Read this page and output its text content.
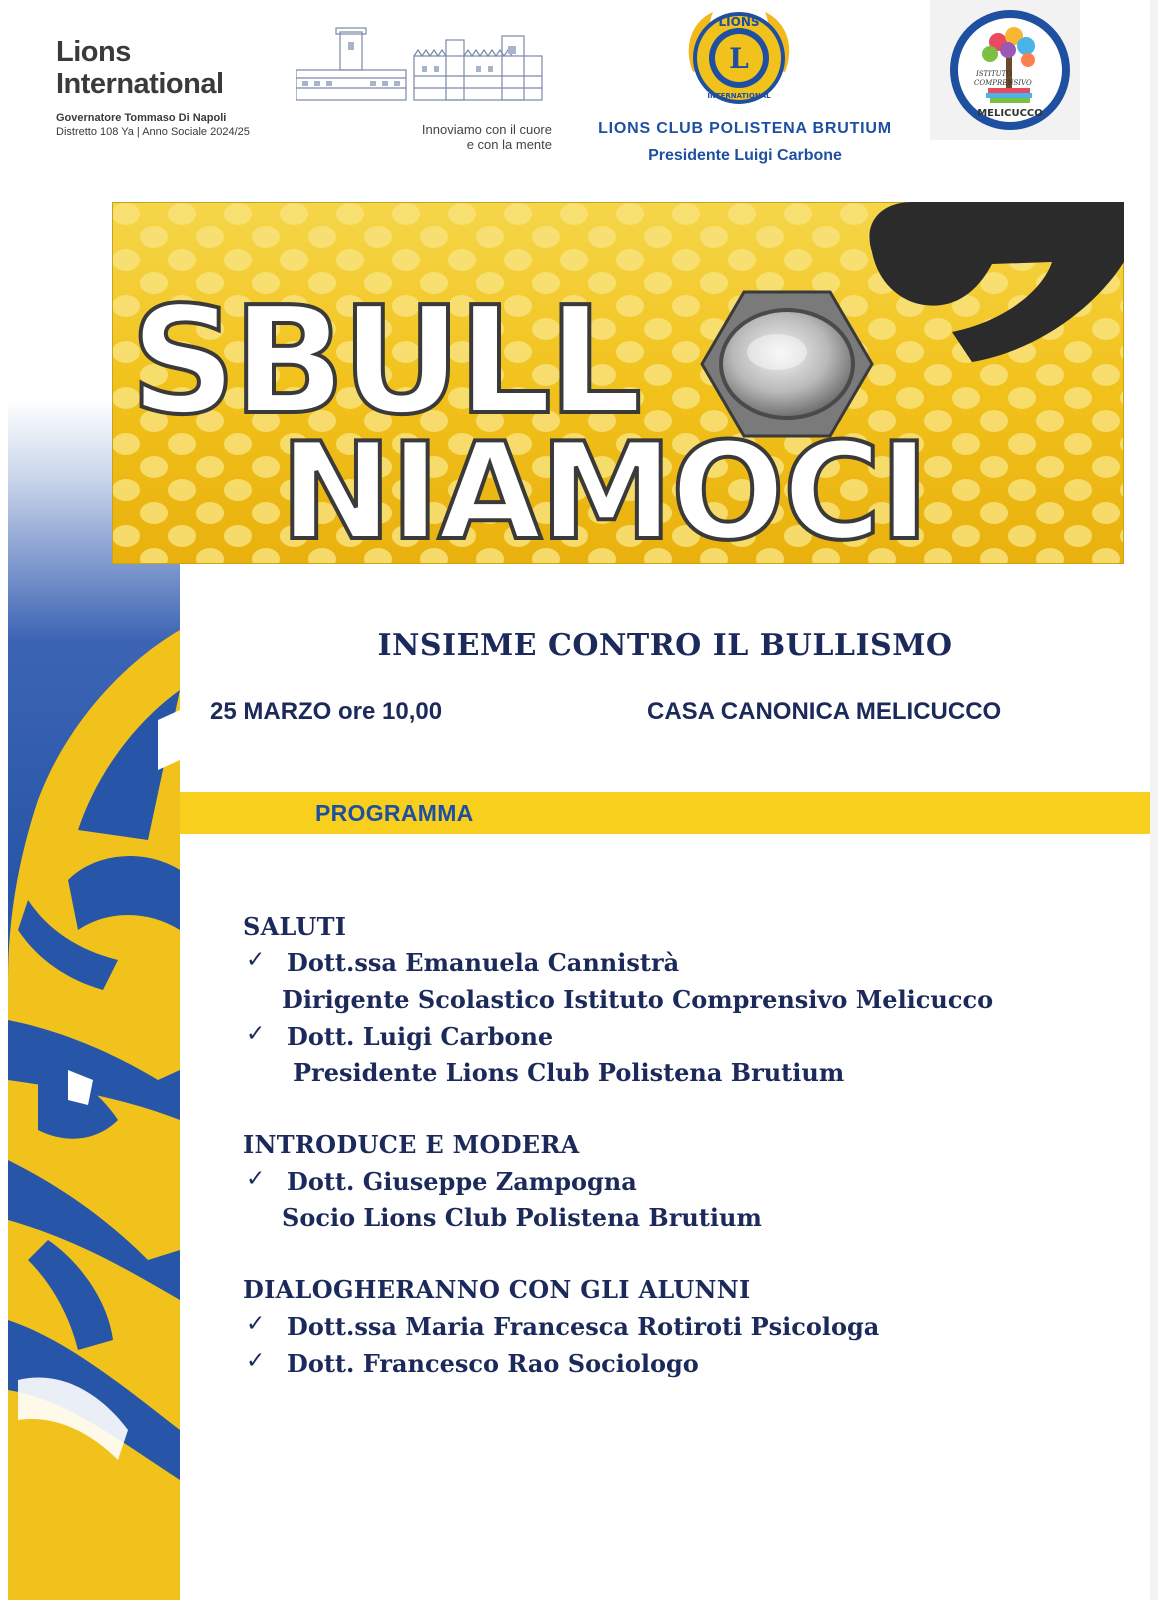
Lions
International
Governatore Tommaso Di Napoli
Distretto 108 Ya | Anno Sociale 2024/25	Innoviamo con il cuore
e con la mente
L
LIONS
INTERNATIONAL
LIONS CLUB POLISTENA BRUTIUM
Presidente Luigi Carbone
ISTITUTO
COMPRENSIVO
MELICUCCO
SBULL
NIAMOCI
INSIEME CONTRO IL BULLISMO
25 MARZO ore 10,00	CASA CANONICA MELICUCCO
PROGRAMMA
SALUTI
✓ Dott.ssa Emanuela Cannistrà
Dirigente Scolastico Istituto Comprensivo Melicucco
✓ Dott. Luigi Carbone
Presidente Lions Club Polistena Brutium
INTRODUCE E MODERA
✓ Dott. Giuseppe Zampogna
Socio Lions Club Polistena Brutium
DIALOGHERANNO CON GLI ALUNNI
✓ Dott.ssa Maria Francesca Rotiroti Psicologa
✓ Dott. Francesco Rao Sociologo
